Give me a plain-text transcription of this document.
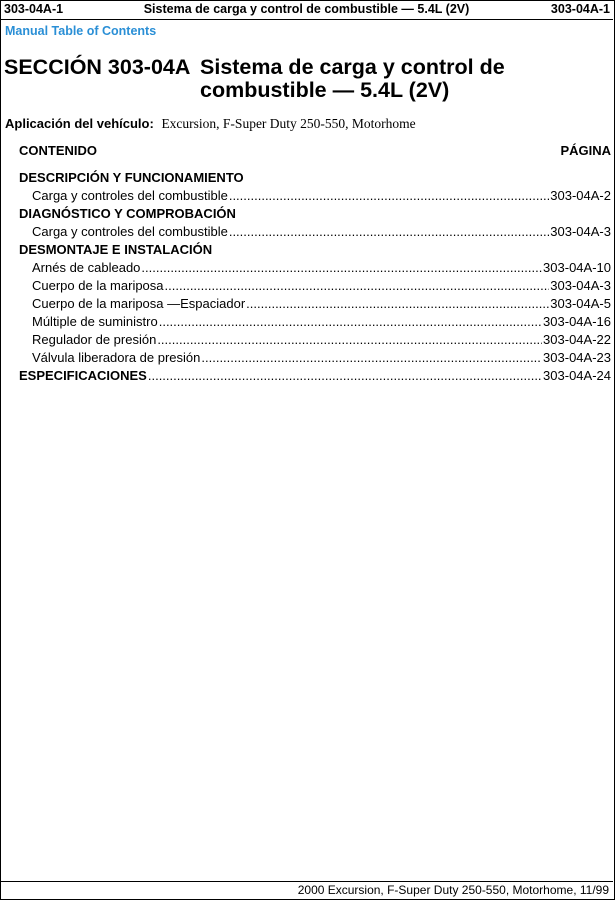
303-04A-1	Sistema de carga y control de combustible — 5.4L (2V)	303-04A-1
Manual Table of Contents
SECCIÓN 303-04A Sistema de carga y control de combustible — 5.4L (2V)
Aplicación del vehículo: Excursion, F-Super Duty 250-550, Motorhome
CONTENIDO	PÁGINA
DESCRIPCIÓN Y FUNCIONAMIENTO
Carga y controles del combustible .....	303-04A-2
DIAGNÓSTICO Y COMPROBACIÓN
Carga y controles del combustible .....	303-04A-3
DESMONTAJE E INSTALACIÓN
Arnés de cableado .....	303-04A-10
Cuerpo de la mariposa .....	303-04A-3
Cuerpo de la mariposa —Espaciador .....	303-04A-5
Múltiple de suministro .....	303-04A-16
Regulador de presión .....	303-04A-22
Válvula liberadora de presión .....	303-04A-23
ESPECIFICACIONES .....	303-04A-24
2000 Excursion, F-Super Duty 250-550, Motorhome, 11/99
